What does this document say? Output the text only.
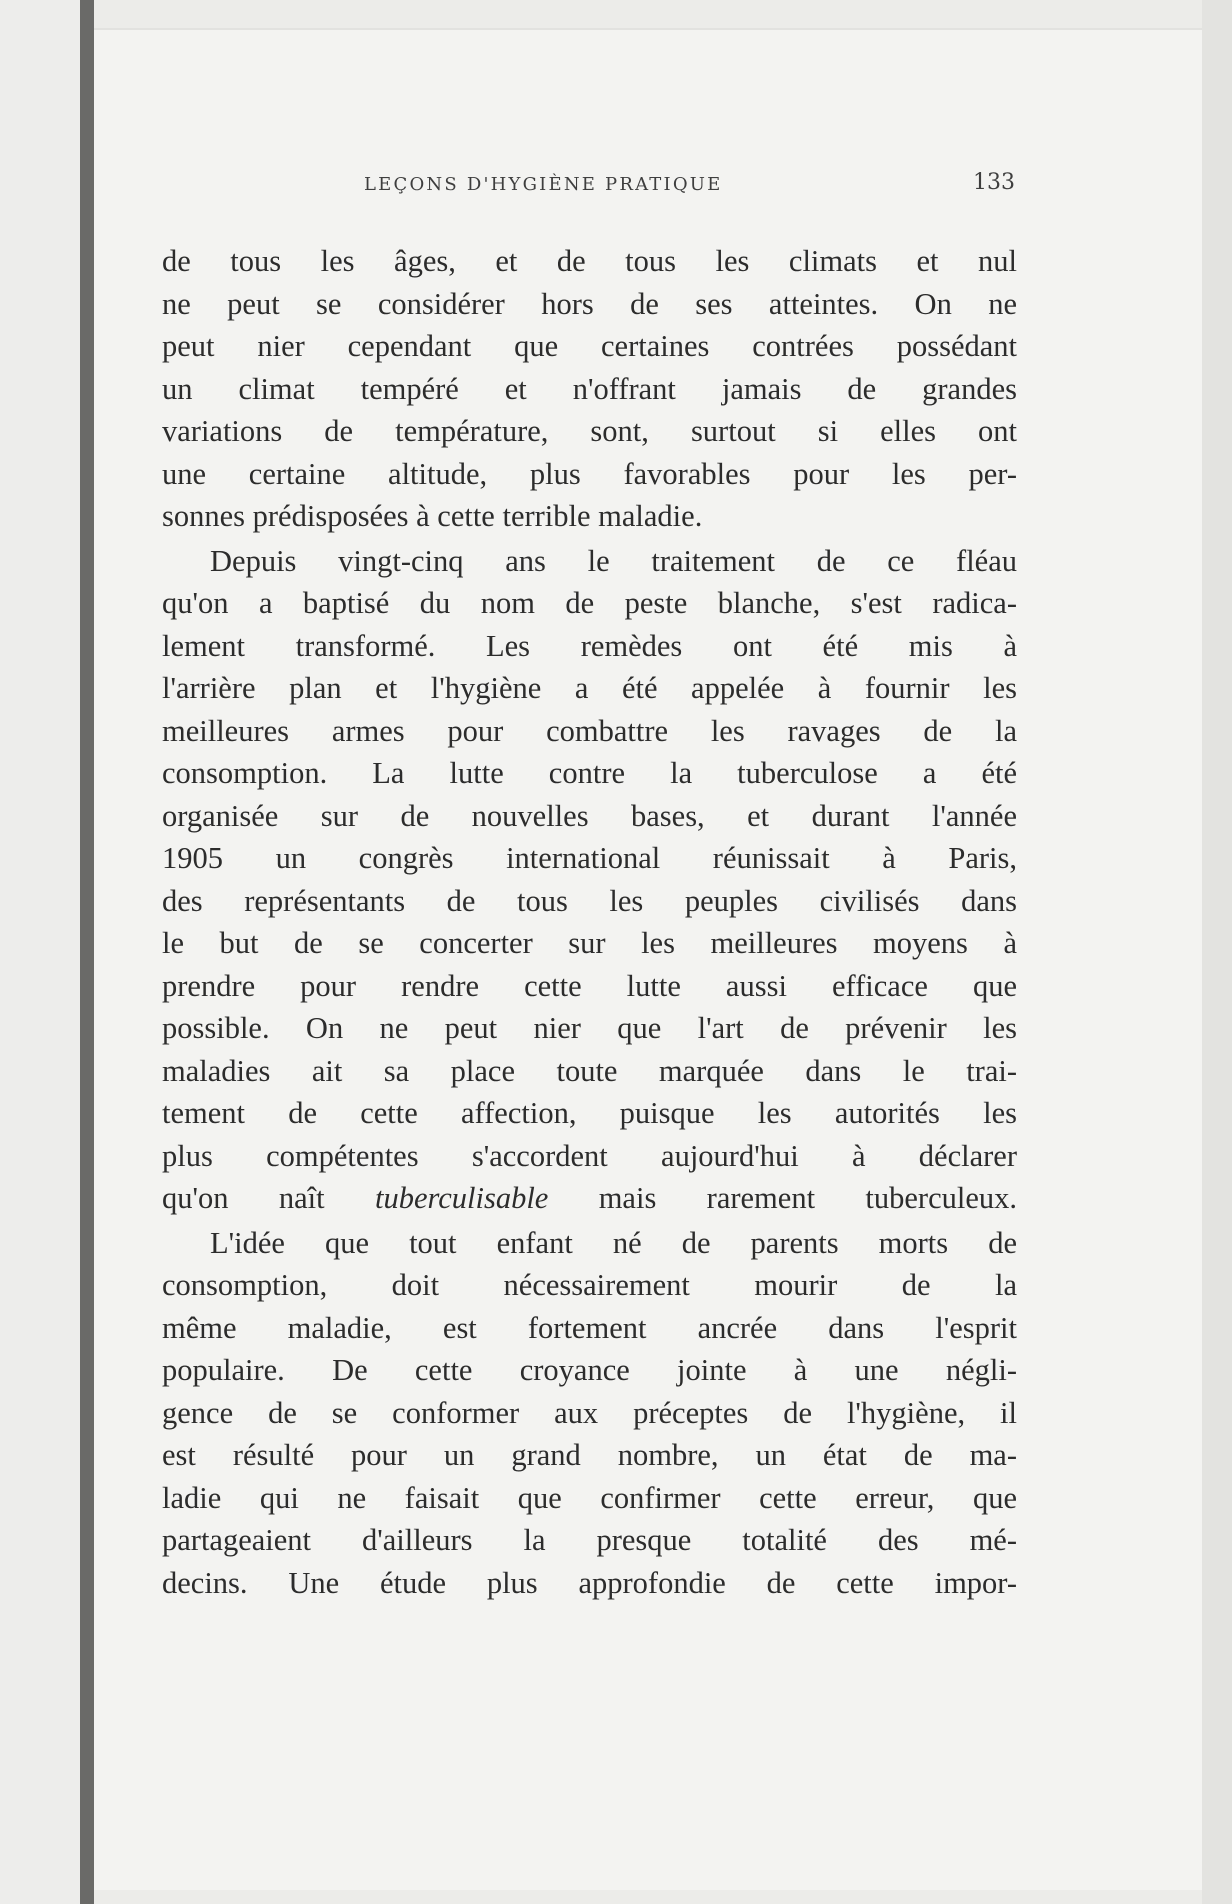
LEÇONS D'HYGIÈNE PRATIQUE	133
de tous les âges, et de tous les climats et nul
ne peut se considérer hors de ses atteintes. On ne
peut nier cependant que certaines contrées possédant
un climat tempéré et n'offrant jamais de grandes
variations de température, sont, surtout si elles ont
une certaine altitude, plus favorables pour les per-
sonnes prédisposées à cette terrible maladie.
Depuis vingt-cinq ans le traitement de ce fléau
qu'on a baptisé du nom de peste blanche, s'est radica-
lement transformé. Les remèdes ont été mis à
l'arrière plan et l'hygiène a été appelée à fournir les
meilleures armes pour combattre les ravages de la
consomption. La lutte contre la tuberculose a été
organisée sur de nouvelles bases, et durant l'année
1905 un congrès international réunissait à Paris,
des représentants de tous les peuples civilisés dans
le but de se concerter sur les meilleures moyens à
prendre pour rendre cette lutte aussi efficace que
possible. On ne peut nier que l'art de prévenir les
maladies ait sa place toute marquée dans le trai-
tement de cette affection, puisque les autorités les
plus compétentes s'accordent aujourd'hui à déclarer
qu'on naît tuberculisable mais rarement tuberculeux.
L'idée que tout enfant né de parents morts de
consomption, doit nécessairement mourir de la
même maladie, est fortement ancrée dans l'esprit
populaire. De cette croyance jointe à une négli-
gence de se conformer aux préceptes de l'hygiène, il
est résulté pour un grand nombre, un état de ma-
ladie qui ne faisait que confirmer cette erreur, que
partageaient d'ailleurs la presque totalité des mé-
decins. Une étude plus approfondie de cette impor-
